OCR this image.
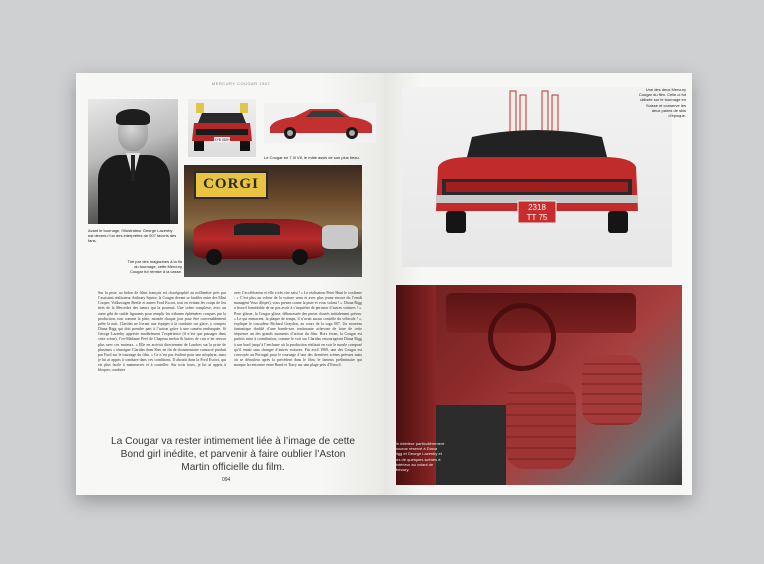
MERCURY COUGAR 1967
XYB 352H
Le Cougar en 7.0l V8, le mâle assis de son plus beau.
Avant le tournage, l’illustrateur George Lazenby est devenu l’un des interprètes de 007 favoris des fans.
CORGI
Tiré par des magazines à la fin du tournage, cette Mercury Cougar fut remise à la casse.
Sur la piste, au bidon de films français est chorégraphié au millimètre près par l’assistant réalisateur Anthony Squire, la Cougar devant se faufiler entre des Mini Cooper, Volkswagen Beetle et autres Ford Escort, tout en évitant les coups de feu tirés de la Mercedes des tueurs qui la poursuit. Une scène complexe, avec un autre gibi de stable figurants pour remplir les tribunes éphémères conçues par la production, tout comme la piste, montée chaque jour pour être convenablement prête la nuit. Claridas ne livrant aux équipes à la conduite sur glace, y compris Diana Rigg qui doit prendre part à l’action grâce à une caméra embarquée. Si George Lazenby apprécie modérément l’expérience (il n’est que passager dans cette scène), l’ex-Madame Peel de Chapeau melon & bottes de cuir n’en ressort plus avec ces moteurs. « Elle en arrivait directement de Londres sur la prise de plusieurs » témoigne Claridas dans Sher en fin de documentaire consacré produit par Ford sur le tournage du film. « Ce n’est pas évident pour une néophyte, mais je lui ai appris à conduire dans ces conditions. Il aboutit dans la Ford Escort, qui est plus facile à manœuvrer et à contrôler. Sur trois tours, je lui ai appris à bloquer, conduire
avec l’accélérateur et elle a très vite saisi ! » Le réalisateur Peter Hunt le confirme : « C’est plus un voleur de la voiture venu et avec plus jeune encore du l’emdi managent Vous d(ripet), vous prenez conne la piste et vous volant ! ». Diana Rigg a lecord formidable de ne pas avoir à s’inquiéter de percuter d’autres voitures ! ». Pour glisser, la Cougar glisse, débarrassée des pneus cloutés initialement prévus. « Le qui menacent, la plaque de temps, il n’avait aucun contrôle du véhicule ! », explique le cascadeur Richard Graydon, au cours de la saga 007. Un nouveau fantastique doublé d’une bande-son tonitruante achevant de faire de cette séquence un des grands moments d’action du film. Hors écran, la Cougar est parfois mise à contribution, comme le voit sur Claridas encourageant Diana Rigg à son bord jusqu’à l’enclume où la production réalisait en voir le moule composé qu’il entait sans changer d’autres voitures. Fin avril 1969, une des Cougar est convoyée au Portugal pour le tournage d’une des dernières scènes prévues mais où se déroulera après la précédent dans le film, le fameux préliminaire qui marque la rencontre entre Bond et Tracy sur une plage près d’Estoril.
La Cougar va rester intimement liée à l’image de cette Bond girl inédite, et parvenir à faire oublier l’Aston Martin officielle du film.
094
2318
TT 75
Une des deux Mercury Cougar du film. Celle-ci fut utilisée sur le tournage en Suisse et conserve les deux paires de skis d’époque.
Un intérieur particulièrement luxueux réservé à Diana Rigg et George Lazenby et lors de quelques scènes à l’intérieur au volant de Mercury.
